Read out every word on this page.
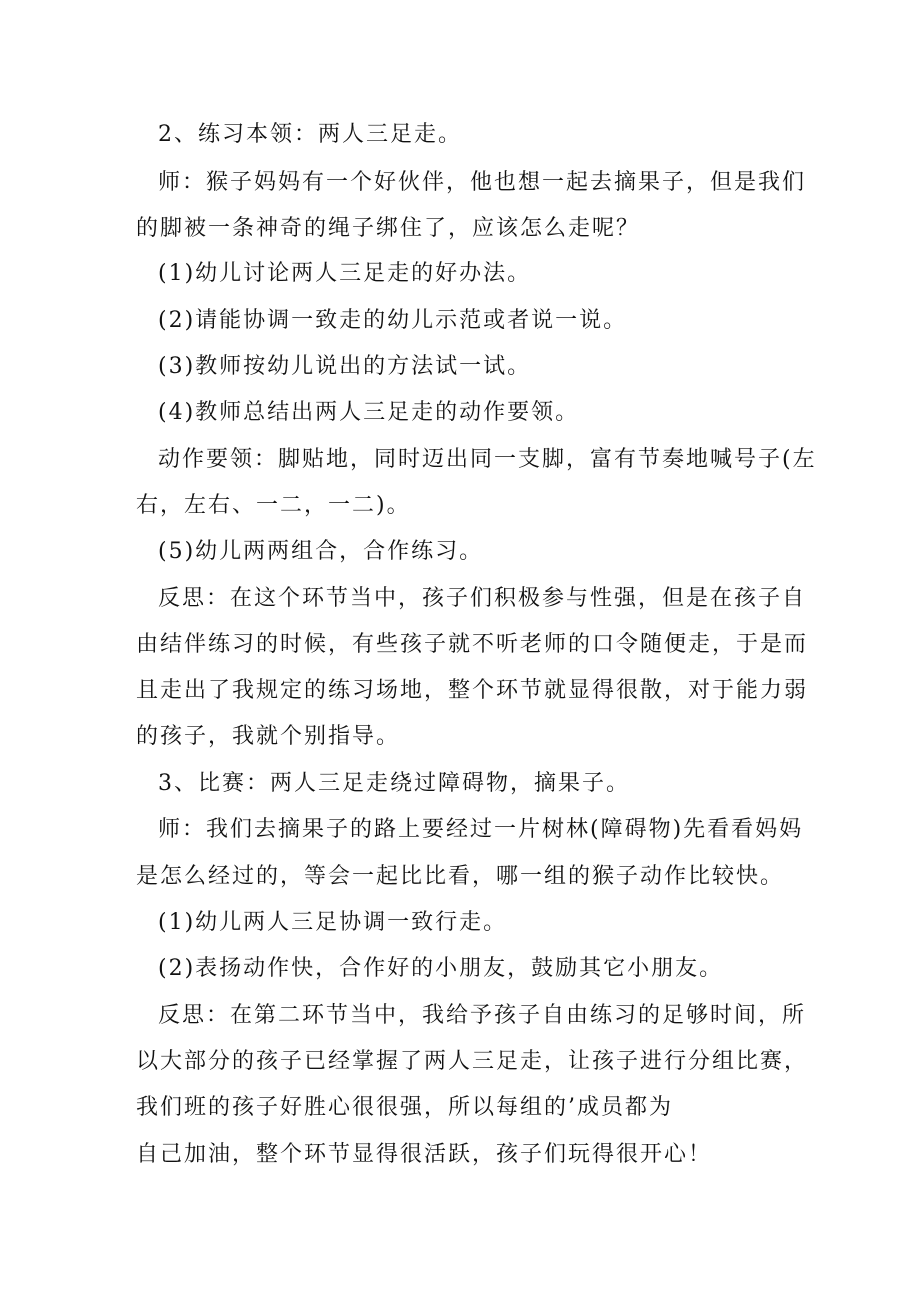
2、练习本领：两人三足走。
师：猴子妈妈有一个好伙伴，他也想一起去摘果子，但是我们
的脚被一条神奇的绳子绑住了，应该怎么走呢？
(1)幼儿讨论两人三足走的好办法。
(2)请能协调一致走的幼儿示范或者说一说。
(3)教师按幼儿说出的方法试一试。
(4)教师总结出两人三足走的动作要领。
动作要领：脚贴地，同时迈出同一支脚，富有节奏地喊号子(左
右，左右、一二，一二)。
(5)幼儿两两组合，合作练习。
反思：在这个环节当中，孩子们积极参与性强，但是在孩子自
由结伴练习的时候，有些孩子就不听老师的口令随便走，于是而
且走出了我规定的练习场地，整个环节就显得很散，对于能力弱
的孩子，我就个别指导。
3、比赛：两人三足走绕过障碍物，摘果子。
师：我们去摘果子的路上要经过一片树林(障碍物)先看看妈妈
是怎么经过的，等会一起比比看，哪一组的猴子动作比较快。
(1)幼儿两人三足协调一致行走。
(2)表扬动作快，合作好的小朋友，鼓励其它小朋友。
反思：在第二环节当中，我给予孩子自由练习的足够时间，所
以大部分的孩子已经掌握了两人三足走，让孩子进行分组比赛，
我们班的孩子好胜心很很强，所以每组的’成员都为
自己加油，整个环节显得很活跃，孩子们玩得很开心！
